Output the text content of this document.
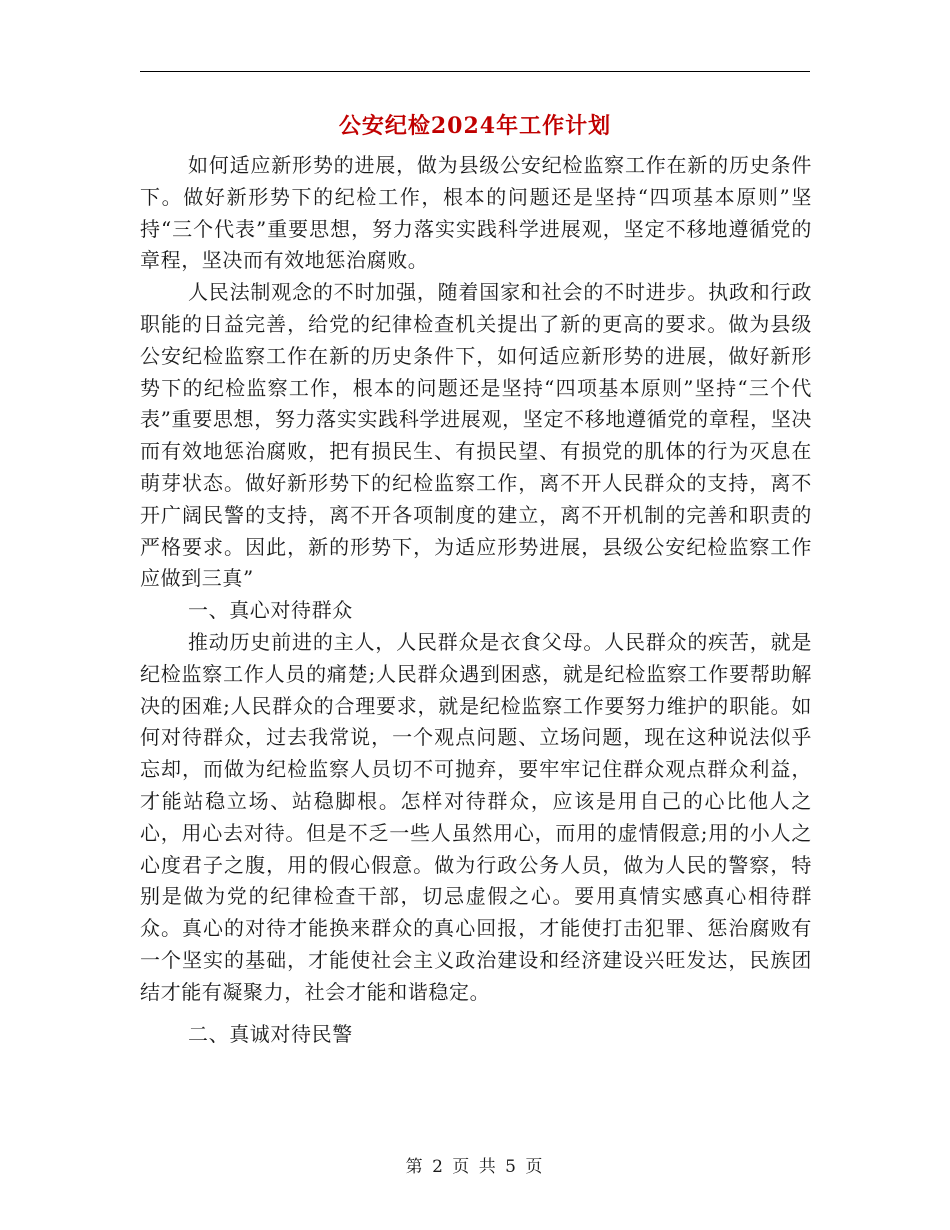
公安纪检2024年工作计划

如何适应新形势的进展，做为县级公安纪检监察工作在新的历史条件下。做好新形势下的纪检工作，根本的问题还是坚持“四项基本原则”坚持“三个代表”重要思想，努力落实实践科学进展观，坚定不移地遵循党的章程，坚决而有效地惩治腐败。

人民法制观念的不时加强，随着国家和社会的不时进步。执政和行政职能的日益完善，给党的纪律检查机关提出了新的更高的要求。做为县级公安纪检监察工作在新的历史条件下，如何适应新形势的进展，做好新形势下的纪检监察工作，根本的问题还是坚持“四项基本原则”坚持“三个代表”重要思想，努力落实实践科学进展观，坚定不移地遵循党的章程，坚决而有效地惩治腐败，把有损民生、有损民望、有损党的肌体的行为灭息在萌芽状态。做好新形势下的纪检监察工作，离不开人民群众的支持，离不开广阔民警的支持，离不开各项制度的建立，离不开机制的完善和职责的严格要求。因此，新的形势下，为适应形势进展，县级公安纪检监察工作应做到三真”

一、真心对待群众

推动历史前进的主人，人民群众是衣食父母。人民群众的疾苦，就是纪检监察工作人员的痛楚;人民群众遇到困惑，就是纪检监察工作要帮助解决的困难;人民群众的合理要求，就是纪检监察工作要努力维护的职能。如何对待群众，过去我常说，一个观点问题、立场问题，现在这种说法似乎忘却，而做为纪检监察人员切不可抛弃，要牢牢记住群众观点群众利益，才能站稳立场、站稳脚根。怎样对待群众，应该是用自己的心比他人之心，用心去对待。但是不乏一些人虽然用心，而用的虚情假意;用的小人之心度君子之腹，用的假心假意。做为行政公务人员，做为人民的警察，特别是做为党的纪律检查干部，切忌虚假之心。要用真情实感真心相待群众。真心的对待才能换来群众的真心回报，才能使打击犯罪、惩治腐败有一个坚实的基础，才能使社会主义政治建设和经济建设兴旺发达，民族团结才能有凝聚力，社会才能和谐稳定。

二、真诚对待民警

第 2 页 共 5 页
